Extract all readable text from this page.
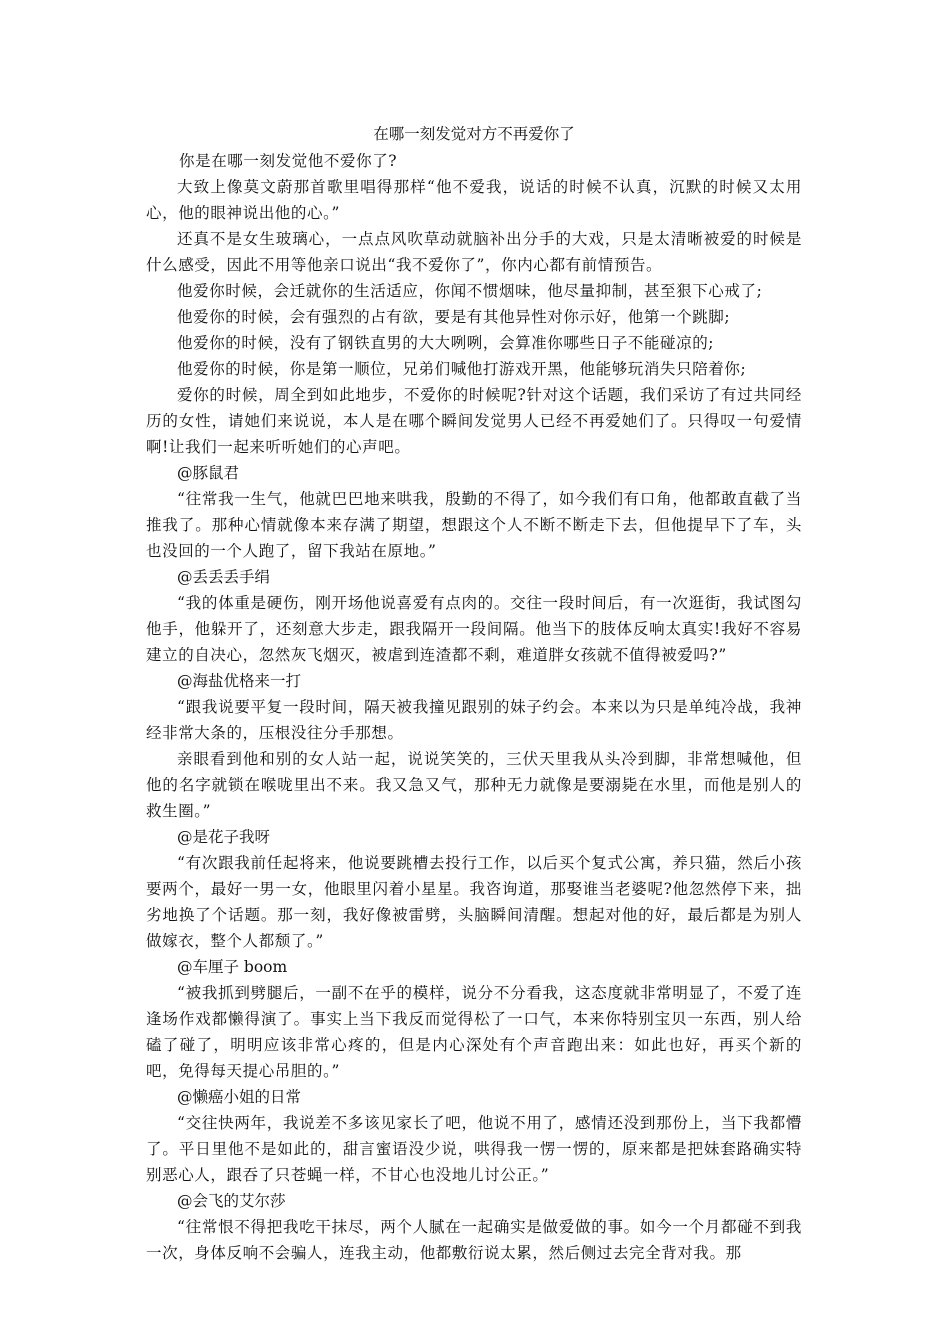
在哪一刻发觉对方不再爱你了

你是在哪一刻发觉他不爱你了?

大致上像莫文蔚那首歌里唱得那样“他不爱我，说话的时候不认真，沉默的时候又太用心，他的眼神说出他的心。”

还真不是女生玻璃心，一点点风吹草动就脑补出分手的大戏，只是太清晰被爱的时候是什么感受，因此不用等他亲口说出“我不爱你了”，你内心都有前情预告。

他爱你时候，会迁就你的生活适应，你闻不惯烟味，他尽量抑制，甚至狠下心戒了;

他爱你的时候，会有强烈的占有欲，要是有其他异性对你示好，他第一个跳脚;

他爱你的时候，没有了钢铁直男的大大咧咧，会算准你哪些日子不能碰凉的;

他爱你的时候，你是第一顺位，兄弟们喊他打游戏开黑，他能够玩消失只陪着你;

爱你的时候，周全到如此地步，不爱你的时候呢?针对这个话题，我们采访了有过共同经历的女性，请她们来说说，本人是在哪个瞬间发觉男人已经不再爱她们了。只得叹一句爱情啊!让我们一起来听听她们的心声吧。

@豚鼠君

“往常我一生气，他就巴巴地来哄我，殷勤的不得了，如今我们有口角，他都敢直截了当推我了。那种心情就像本来存满了期望，想跟这个人不断不断走下去，但他提早下了车，头也没回的一个人跑了，留下我站在原地。”

@丢丢丢手绢

“我的体重是硬伤，刚开场他说喜爱有点肉的。交往一段时间后，有一次逛街，我试图勾他手，他躲开了，还刻意大步走，跟我隔开一段间隔。他当下的肢体反响太真实!我好不容易建立的自决心，忽然灰飞烟灭，被虐到连渣都不剩，难道胖女孩就不值得被爱吗?”

@海盐优格来一打

“跟我说要平复一段时间，隔天被我撞见跟别的妹子约会。本来以为只是单纯冷战，我神经非常大条的，压根没往分手那想。

亲眼看到他和别的女人站一起，说说笑笑的，三伏天里我从头冷到脚，非常想喊他，但他的名字就锁在喉咙里出不来。我又急又气，那种无力就像是要溺毙在水里，而他是别人的救生圈。”

@是花子我呀

“有次跟我前任起将来，他说要跳槽去投行工作，以后买个复式公寓，养只猫，然后小孩要两个，最好一男一女，他眼里闪着小星星。我咨询道，那娶谁当老婆呢?他忽然停下来，拙劣地换了个话题。那一刻，我好像被雷劈，头脑瞬间清醒。想起对他的好，最后都是为别人做嫁衣，整个人都颓了。”

@车厘子 boom

“被我抓到劈腿后，一副不在乎的模样，说分不分看我，这态度就非常明显了，不爱了连逢场作戏都懒得演了。事实上当下我反而觉得松了一口气，本来你特别宝贝一东西，别人给磕了碰了，明明应该非常心疼的，但是内心深处有个声音跑出来：如此也好，再买个新的吧，免得每天提心吊胆的。”

@懒癌小姐的日常

“交往快两年，我说差不多该见家长了吧，他说不用了，感情还没到那份上，当下我都懵了。平日里他不是如此的，甜言蜜语没少说，哄得我一愣一愣的，原来都是把妹套路确实特别恶心人，跟吞了只苍蝇一样，不甘心也没地儿讨公正。”

@会飞的艾尔莎

“往常恨不得把我吃干抹尽，两个人腻在一起确实是做爱做的事。如今一个月都碰不到我一次，身体反响不会骗人，连我主动，他都敷衍说太累，然后侧过去完全背对我。那
